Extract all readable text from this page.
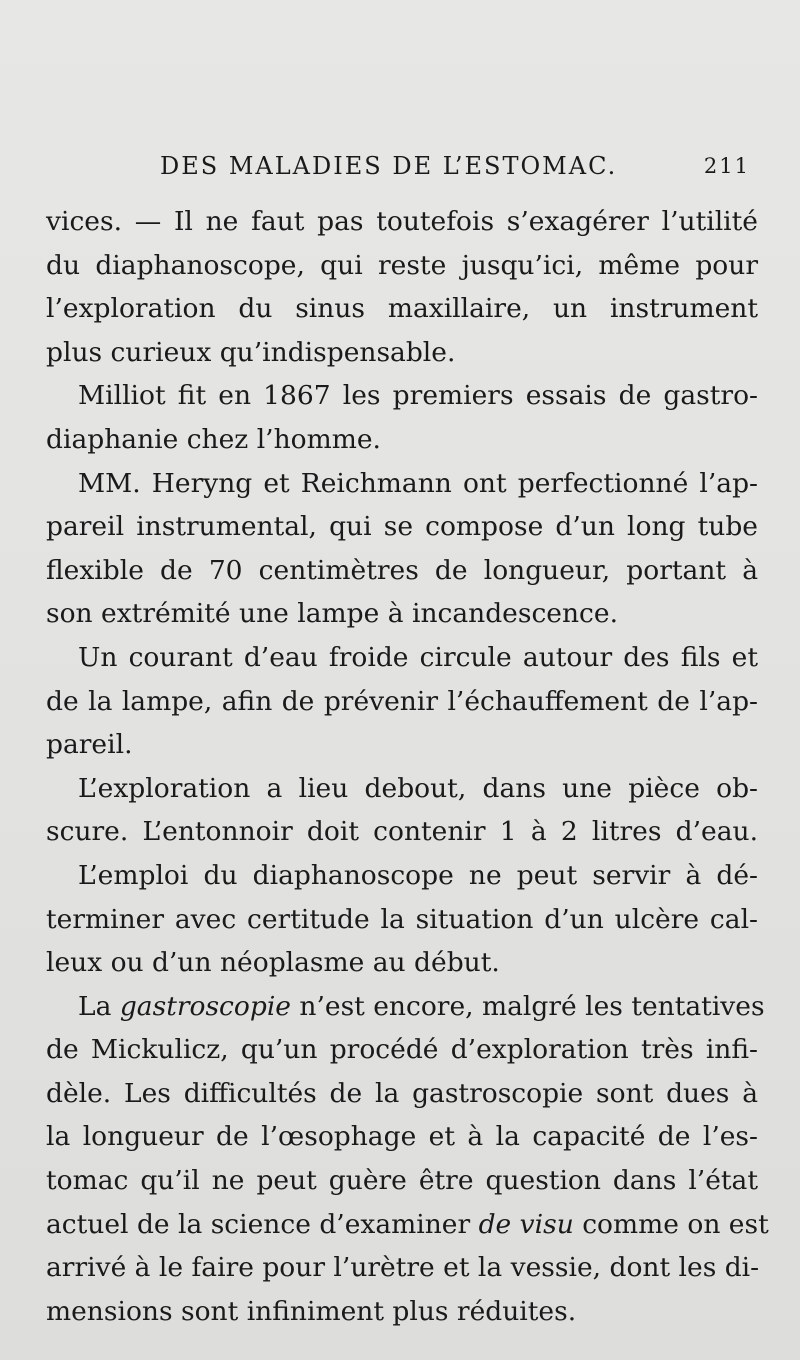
DES MALADIES DE L’ESTOMAC.	211
vices. — Il ne faut pas toutefois s’exagérer l’utilité
du diaphanoscope, qui reste jusqu’ici, même pour
l’exploration du sinus maxillaire, un instrument
plus curieux qu’indispensable.
Milliot fit en 1867 les premiers essais de gastro-
diaphanie chez l’homme.
MM. Heryng et Reichmann ont perfectionné l’ap-
pareil instrumental, qui se compose d’un long tube
flexible de 70 centimètres de longueur, portant à
son extrémité une lampe à incandescence.
Un courant d’eau froide circule autour des fils et
de la lampe, afin de prévenir l’échauffement de l’ap-
pareil.
L’exploration a lieu debout, dans une pièce ob-
scure. L’entonnoir doit contenir 1 à 2 litres d’eau.
L’emploi du diaphanoscope ne peut servir à dé-
terminer avec certitude la situation d’un ulcère cal-
leux ou d’un néoplasme au début.
La gastroscopie n’est encore, malgré les tentatives
de Mickulicz, qu’un procédé d’exploration très infi-
dèle. Les difficultés de la gastroscopie sont dues à
la longueur de l’œsophage et à la capacité de l’es-
tomac qu’il ne peut guère être question dans l’état
actuel de la science d’examiner de visu comme on est
arrivé à le faire pour l’urètre et la vessie, dont les di-
mensions sont infiniment plus réduites.
